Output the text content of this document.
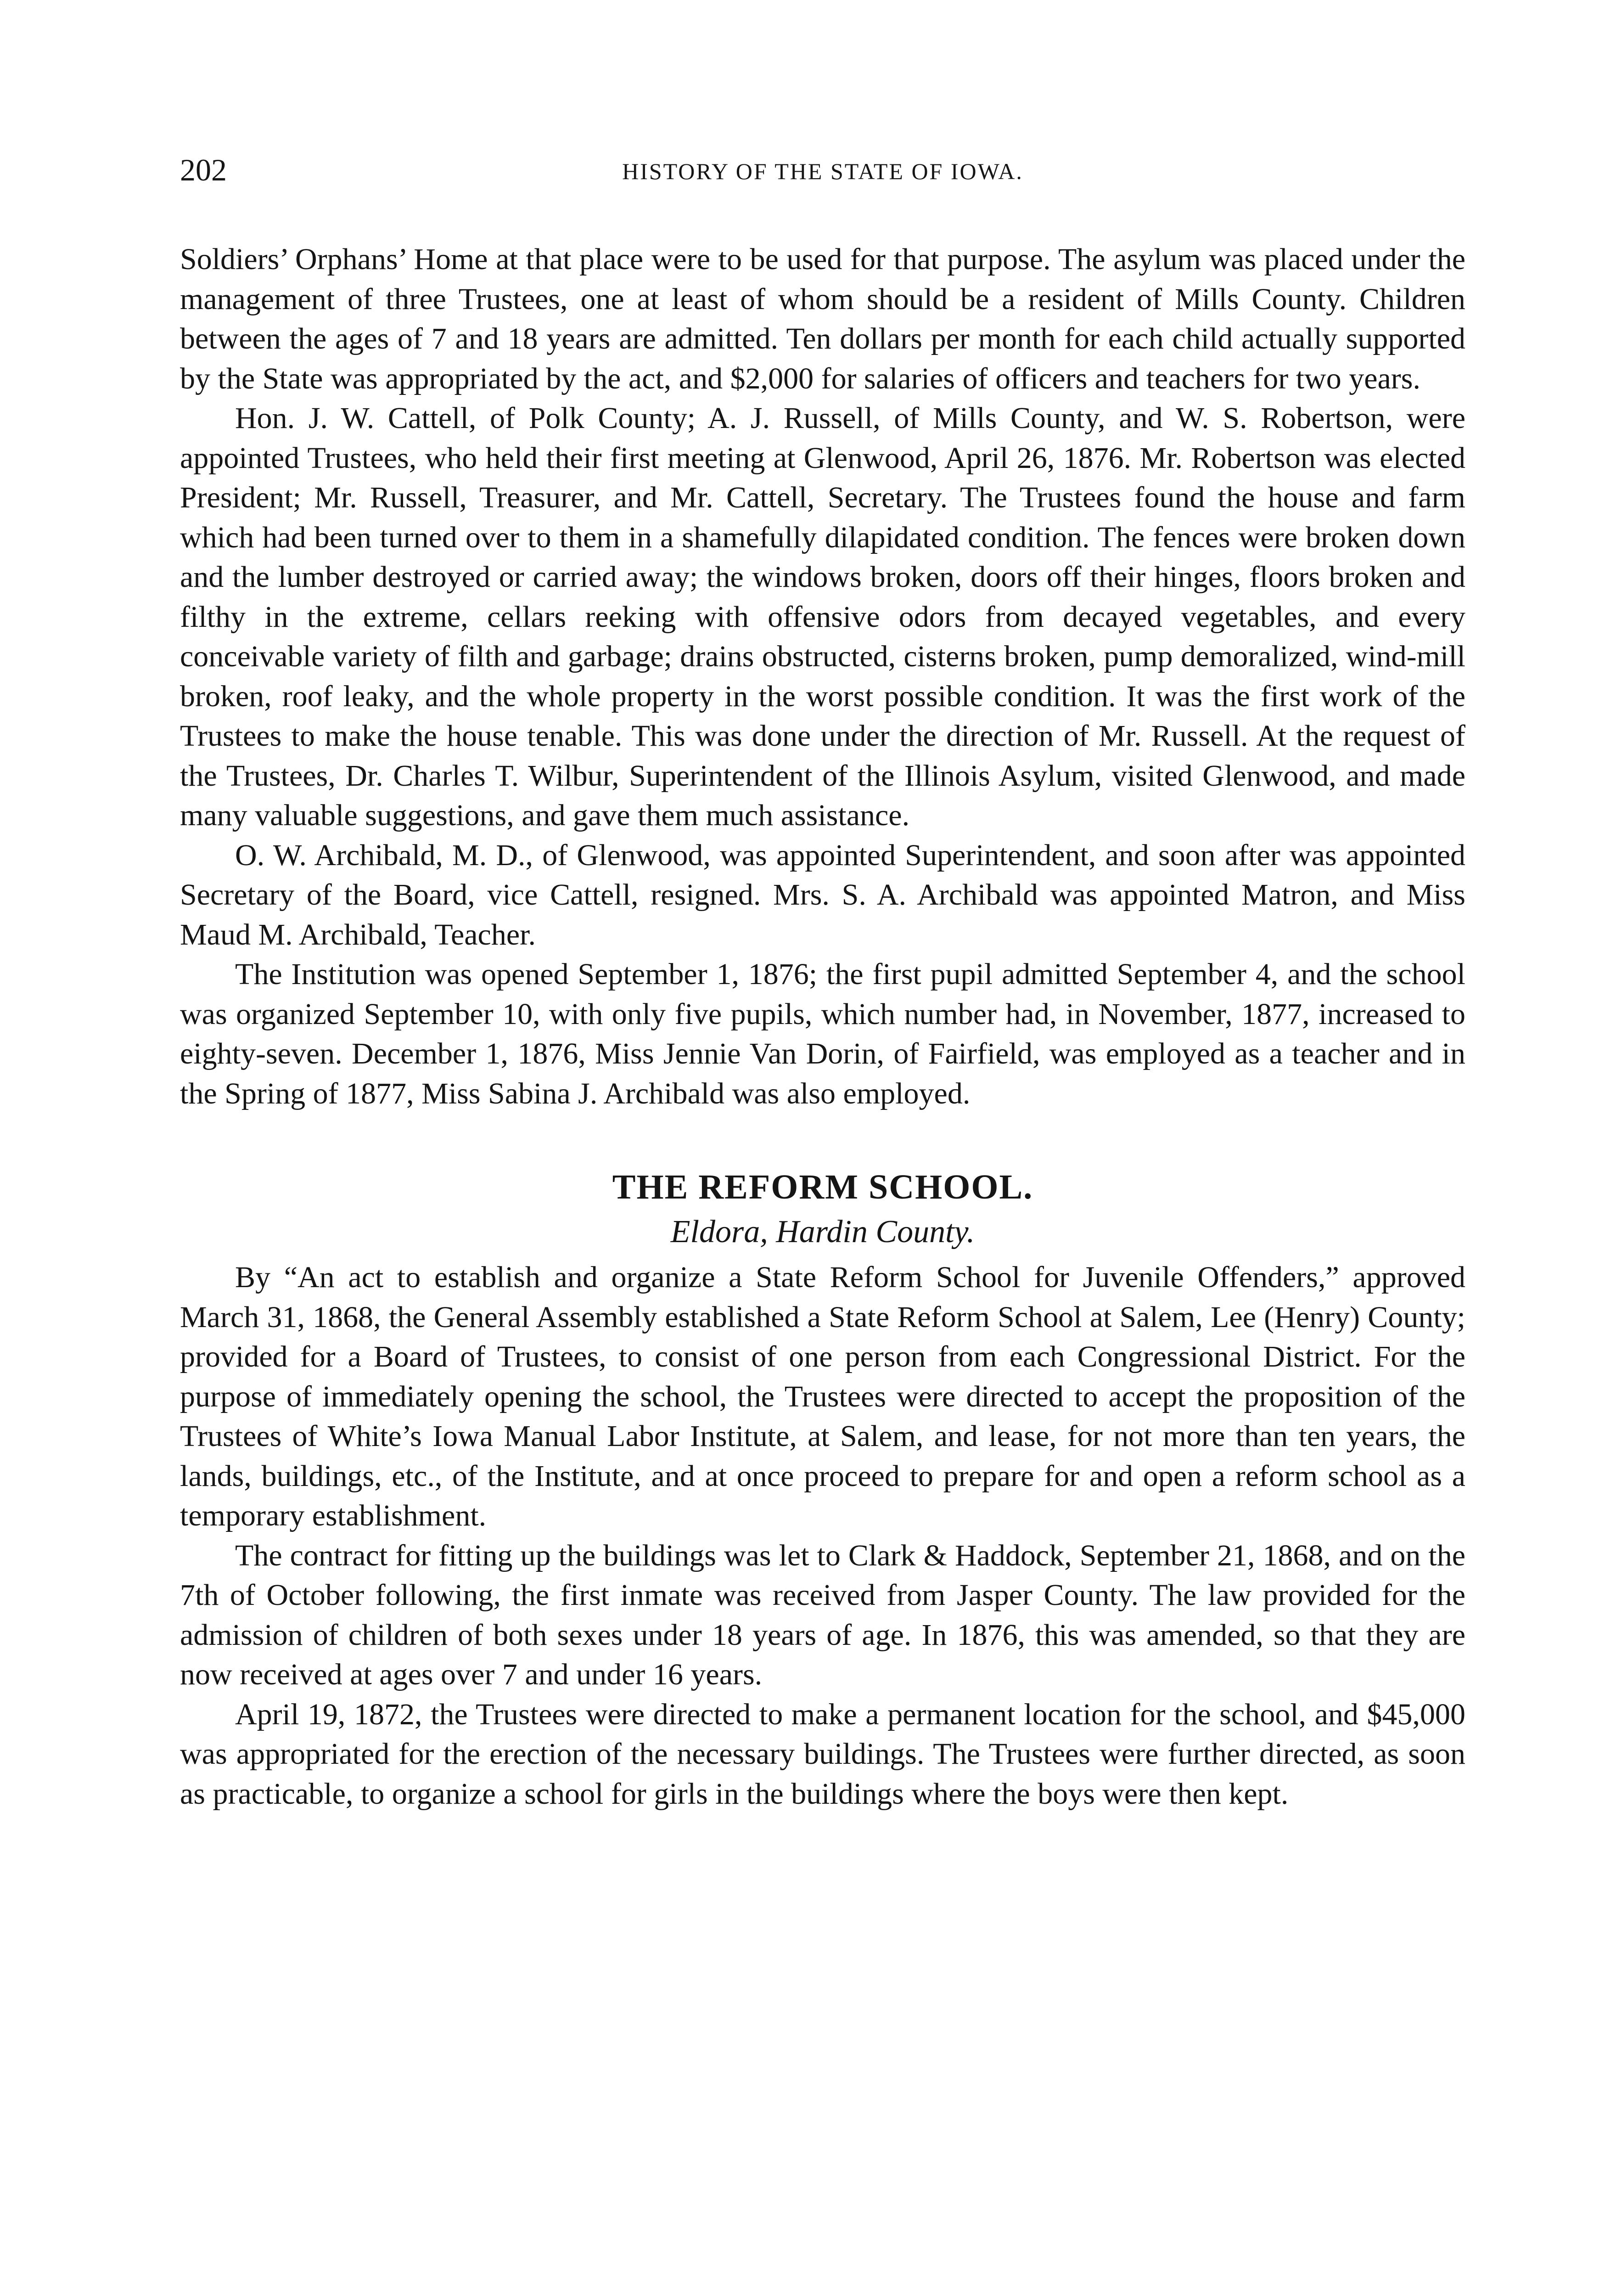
202	HISTORY OF THE STATE OF IOWA.

Soldiers’ Orphans’ Home at that place were to be used for that purpose. The asylum was placed under the management of three Trustees, one at least of whom should be a resident of Mills County. Children between the ages of 7 and 18 years are admitted. Ten dollars per month for each child actually supported by the State was appropriated by the act, and $2,000 for salaries of officers and teachers for two years.

Hon. J. W. Cattell, of Polk County; A. J. Russell, of Mills County, and W. S. Robertson, were appointed Trustees, who held their first meeting at Glenwood, April 26, 1876. Mr. Robertson was elected President; Mr. Russell, Treasurer, and Mr. Cattell, Secretary. The Trustees found the house and farm which had been turned over to them in a shamefully dilapidated condition. The fences were broken down and the lumber destroyed or carried away; the windows broken, doors off their hinges, floors broken and filthy in the extreme, cellars reeking with offensive odors from decayed vegetables, and every conceivable variety of filth and garbage; drains obstructed, cisterns broken, pump demoralized, wind-mill broken, roof leaky, and the whole property in the worst possible condition. It was the first work of the Trustees to make the house tenable. This was done under the direction of Mr. Russell. At the request of the Trustees, Dr. Charles T. Wilbur, Superintendent of the Illinois Asylum, visited Glenwood, and made many valuable suggestions, and gave them much assistance.

O. W. Archibald, M. D., of Glenwood, was appointed Superintendent, and soon after was appointed Secretary of the Board, vice Cattell, resigned. Mrs. S. A. Archibald was appointed Matron, and Miss Maud M. Archibald, Teacher.

The Institution was opened September 1, 1876; the first pupil admitted September 4, and the school was organized September 10, with only five pupils, which number had, in November, 1877, increased to eighty-seven. December 1, 1876, Miss Jennie Van Dorin, of Fairfield, was employed as a teacher and in the Spring of 1877, Miss Sabina J. Archibald was also employed.

THE REFORM SCHOOL.
Eldora, Hardin County.

By “An act to establish and organize a State Reform School for Juvenile Offenders,” approved March 31, 1868, the General Assembly established a State Reform School at Salem, Lee (Henry) County; provided for a Board of Trustees, to consist of one person from each Congressional District. For the purpose of immediately opening the school, the Trustees were directed to accept the proposition of the Trustees of White’s Iowa Manual Labor Institute, at Salem, and lease, for not more than ten years, the lands, buildings, etc., of the Institute, and at once proceed to prepare for and open a reform school as a temporary establishment.

The contract for fitting up the buildings was let to Clark & Haddock, September 21, 1868, and on the 7th of October following, the first inmate was received from Jasper County. The law provided for the admission of children of both sexes under 18 years of age. In 1876, this was amended, so that they are now received at ages over 7 and under 16 years.

April 19, 1872, the Trustees were directed to make a permanent location for the school, and $45,000 was appropriated for the erection of the necessary buildings. The Trustees were further directed, as soon as practicable, to organize a school for girls in the buildings where the boys were then kept.
